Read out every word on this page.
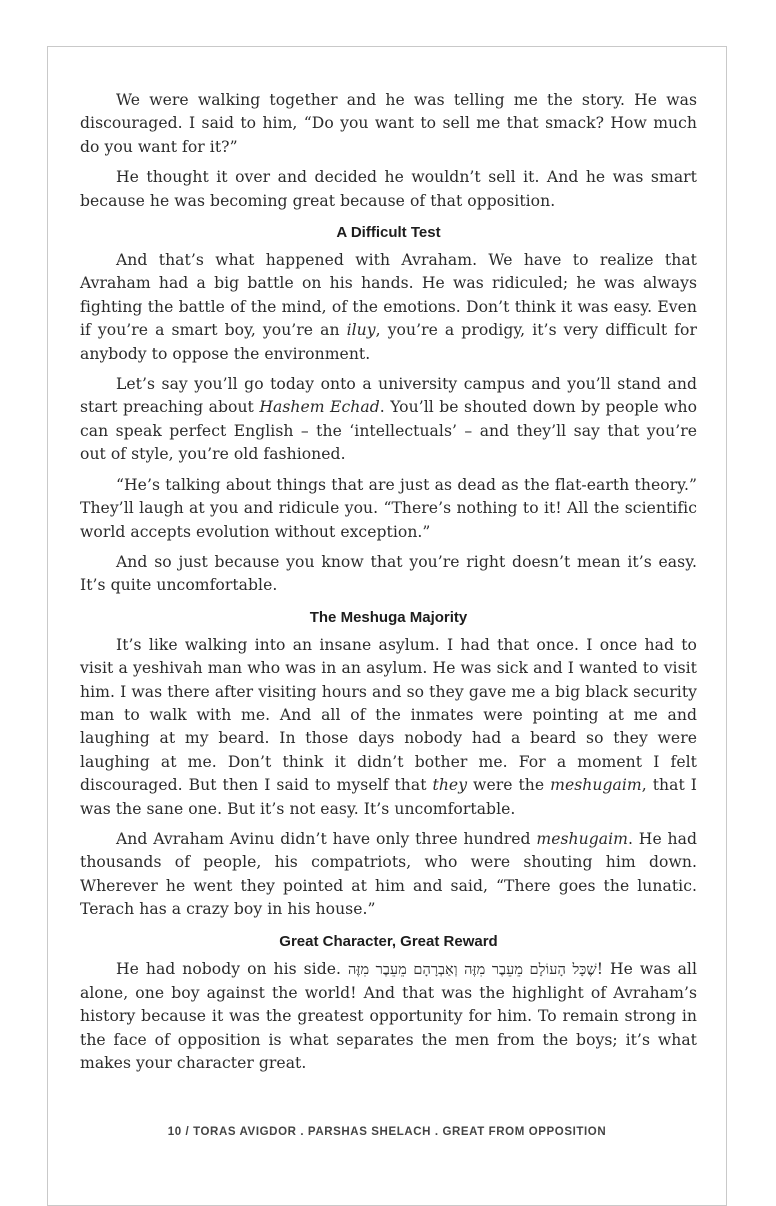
We were walking together and he was telling me the story. He was discouraged. I said to him, “Do you want to sell me that smack? How much do you want for it?”

He thought it over and decided he wouldn’t sell it. And he was smart because he was becoming great because of that opposition.

A Difficult Test

And that’s what happened with Avraham. We have to realize that Avraham had a big battle on his hands. He was ridiculed; he was always fighting the battle of the mind, of the emotions. Don’t think it was easy. Even if you’re a smart boy, you’re an iluy, you’re a prodigy, it’s very difficult for anybody to oppose the environment.

Let’s say you’ll go today onto a university campus and you’ll stand and start preaching about Hashem Echad. You’ll be shouted down by people who can speak perfect English – the ‘intellectuals’ – and they’ll say that you’re out of style, you’re old fashioned.

“He’s talking about things that are just as dead as the flat-earth theory.” They’ll laugh at you and ridicule you. “There’s nothing to it! All the scientific world accepts evolution without exception.”

And so just because you know that you’re right doesn’t mean it’s easy. It’s quite uncomfortable.

The Meshuga Majority

It’s like walking into an insane asylum. I had that once. I once had to visit a yeshivah man who was in an asylum. He was sick and I wanted to visit him. I was there after visiting hours and so they gave me a big black security man to walk with me. And all of the inmates were pointing at me and laughing at my beard. In those days nobody had a beard so they were laughing at me. Don’t think it didn’t bother me. For a moment I felt discouraged. But then I said to myself that they were the meshugaim, that I was the sane one. But it’s not easy. It’s uncomfortable.

And Avraham Avinu didn’t have only three hundred meshugaim. He had thousands of people, his compatriots, who were shouting him down. Wherever he went they pointed at him and said, “There goes the lunatic. Terach has a crazy boy in his house.”

Great Character, Great Reward

He had nobody on his side. שֶׁכָּל הָעוֹלָם מֵעֵבֶר מִזֶּה וְאַבְרָהָם מֵעֵבֶר מִזֶּה! He was all alone, one boy against the world! And that was the highlight of Avraham’s history because it was the greatest opportunity for him. To remain strong in the face of opposition is what separates the men from the boys; it’s what makes your character great.

10 / TORAS AVIGDOR . PARSHAS SHELACH . GREAT FROM OPPOSITION
